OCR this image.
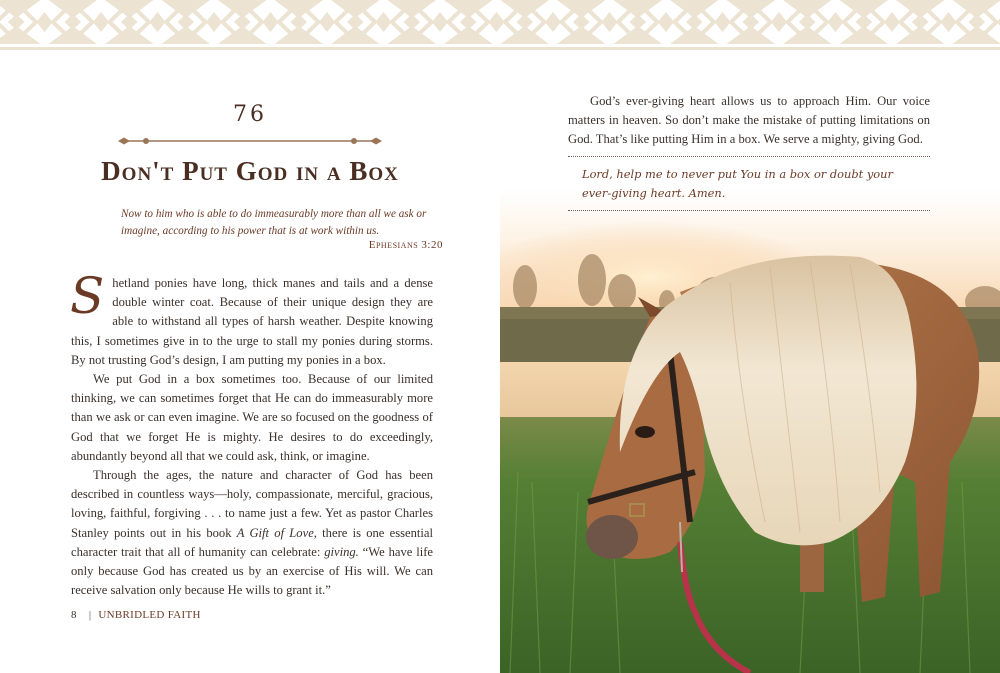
76
Don't Put God in a Box
Now to him who is able to do immeasurably more than all we ask or imagine, according to his power that is at work within us.
Ephesians 3:20

Shetland ponies have long, thick manes and tails and a dense double winter coat. Because of their unique design they are able to withstand all types of harsh weather. Despite knowing this, I sometimes give in to the urge to stall my ponies during storms. By not trusting God’s design, I am putting my ponies in a box.

We put God in a box sometimes too. Because of our limited thinking, we can sometimes forget that He can do immeasurably more than we ask or can even imagine. We are so focused on the goodness of God that we forget He is mighty. He desires to do exceedingly, abundantly beyond all that we could ask, think, or imagine.

Through the ages, the nature and character of God has been described in countless ways—holy, compassionate, merciful, gracious, loving, faithful, forgiving . . . to name just a few. Yet as pastor Charles Stanley points out in his book A Gift of Love, there is one essential character trait that all of humanity can celebrate: giving. “We have life only because God has created us by an exercise of His will. We can receive salvation only because He wills to grant it.”

8 | UNBRIDLED FAITH

God’s ever-giving heart allows us to approach Him. Our voice matters in heaven. So don’t make the mistake of putting limitations on God. That’s like putting Him in a box. We serve a mighty, giving God.

Lord, help me to never put You in a box or doubt your ever-giving heart. Amen.
